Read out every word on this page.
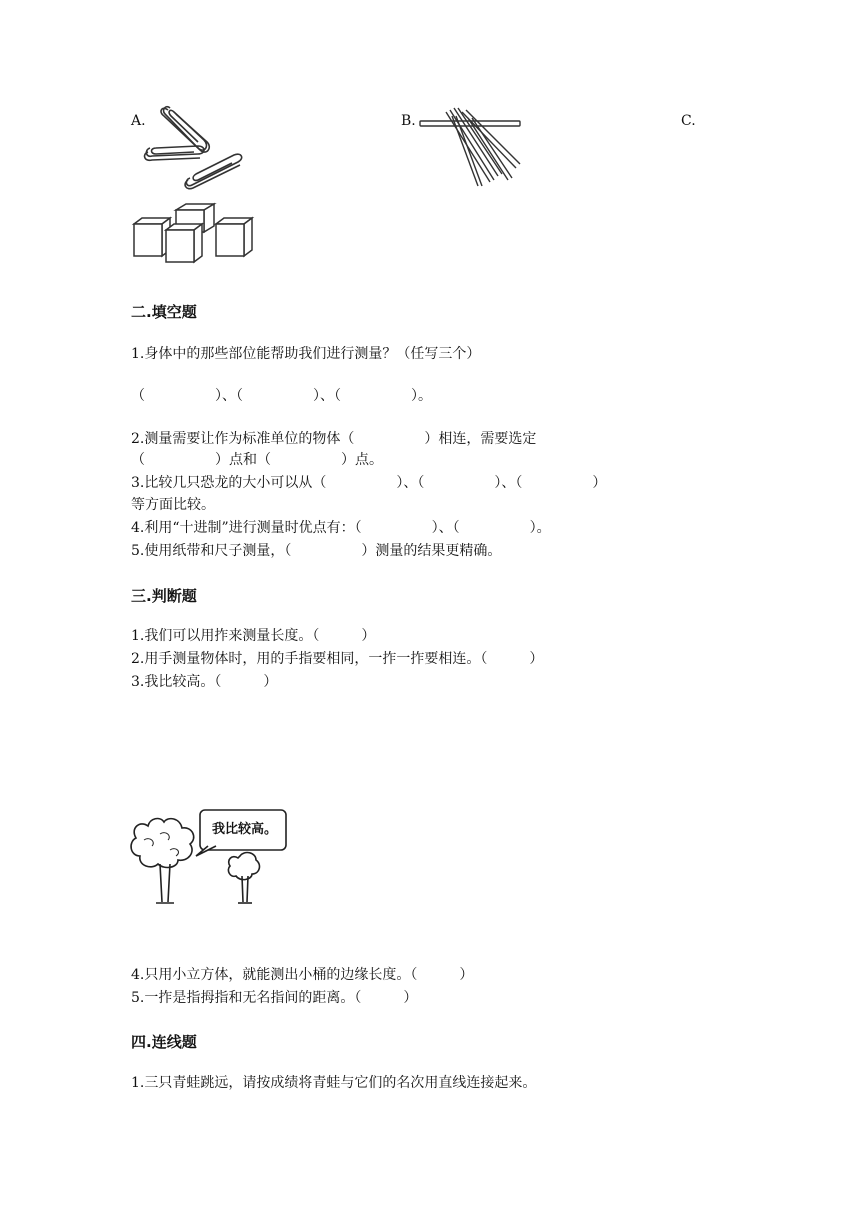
A.	B.	C.
二.填空题
1.身体中的那些部位能帮助我们进行测量？（任写三个）
（　　　　　）、（　　　　　）、（　　　　　）。
2.测量需要让作为标准单位的物体（　　　　　）相连，需要选定
（　　　　　）点和（　　　　　）点。
3.比较几只恐龙的大小可以从（　　　　　）、（　　　　　）、（　　　　　）
等方面比较。
4.利用“十进制”进行测量时优点有：（　　　　　）、（　　　　　）。
5.使用纸带和尺子测量，（　　　　　）测量的结果更精确。
三.判断题
1.我们可以用拃来测量长度。（　　　）
2.用手测量物体时，用的手指要相同，一拃一拃要相连。（　　　）
3.我比较高。（　　　）
我比较高。
4.只用小立方体，就能测出小桶的边缘长度。（　　　）
5.一拃是指拇指和无名指间的距离。（　　　）
四.连线题
1.三只青蛙跳远，请按成绩将青蛙与它们的名次用直线连接起来。
